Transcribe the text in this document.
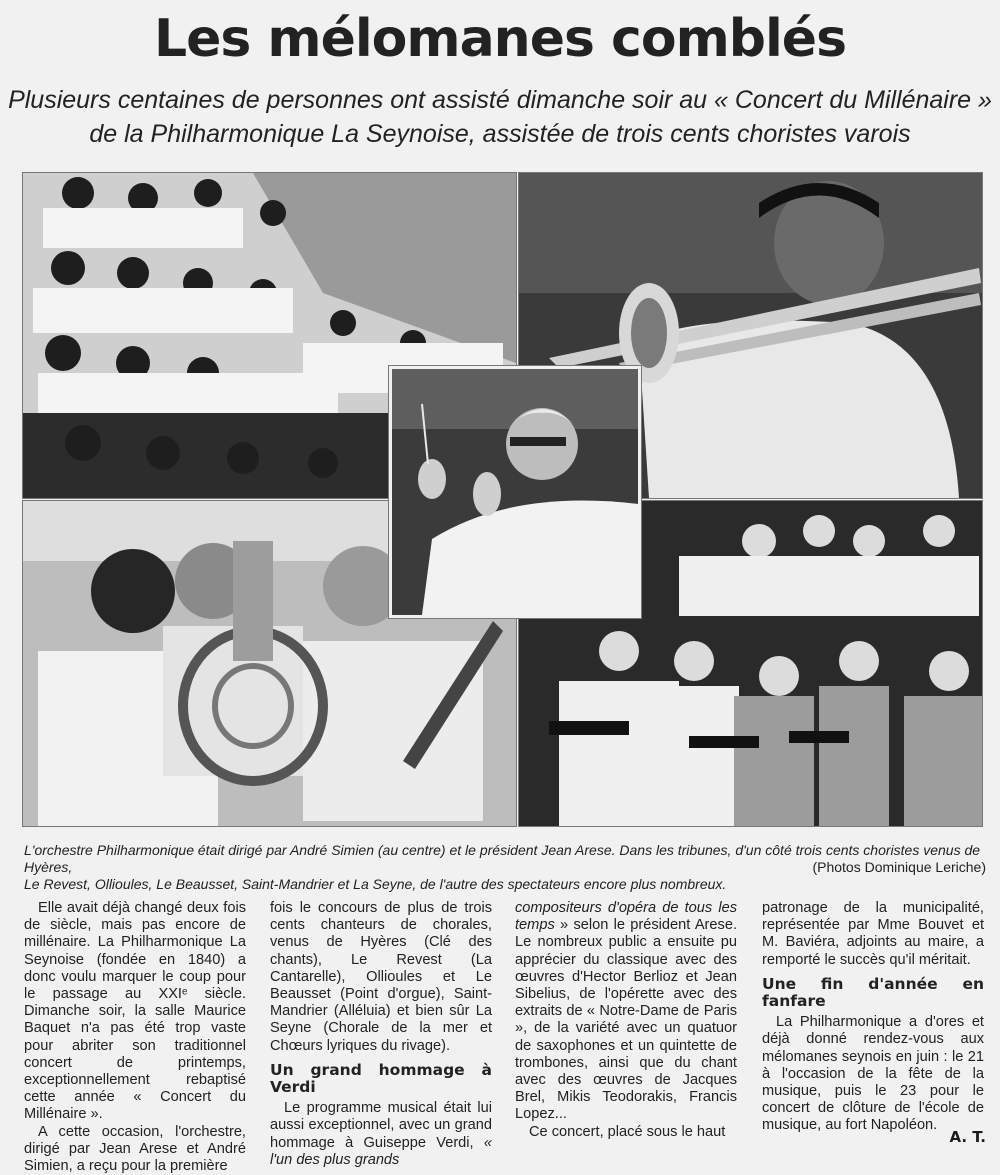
Les mélomanes comblés
Plusieurs centaines de personnes ont assisté dimanche soir au « Concert du Millénaire »
de la Philharmonique La Seynoise, assistée de trois cents choristes varois
L'orchestre Philharmonique était dirigé par André Simien (au centre) et le président Jean Arese. Dans les tribunes, d'un côté trois cents choristes venus de Hyères,
Le Revest, Ollioules, Le Beausset, Saint-Mandrier et La Seyne, de l'autre des spectateurs encore plus nombreux.
(Photos Dominique Leriche)

Elle avait déjà changé deux fois de siècle, mais pas encore de millénaire. La Philharmonique La Seynoise (fondée en 1840) a donc voulu marquer le coup pour le passage au XXIᵉ siècle. Dimanche soir, la salle Maurice Baquet n'a pas été trop vaste pour abriter son traditionnel concert de printemps, exceptionnellement rebaptisé cette année « Concert du Millénaire ».

A cette occasion, l'orchestre, dirigé par Jean Arese et André Simien, a reçu pour la première

fois le concours de plus de trois cents chanteurs de chorales, venus de Hyères (Clé des chants), Le Revest (La Cantarelle), Ollioules et Le Beausset (Point d'orgue), Saint-Mandrier (Alléluia) et bien sûr La Seyne (Chorale de la mer et Chœurs lyriques du rivage).

Un grand hommage à Verdi

Le programme musical était lui aussi exceptionnel, avec un grand hommage à Guiseppe Verdi, « l'un des plus grands

compositeurs d'opéra de tous les temps » selon le président Arese. Le nombreux public a ensuite pu apprécier du classique avec des œuvres d'Hector Berlioz et Jean Sibelius, de l'opérette avec des extraits de « Notre-Dame de Paris », de la variété avec un quatuor de saxophones et un quintette de trombones, ainsi que du chant avec des œuvres de Jacques Brel, Mikis Teodorakis, Francis Lopez...

Ce concert, placé sous le haut

patronage de la municipalité, représentée par Mme Bouvet et M. Baviéra, adjoints au maire, a remporté le succès qu'il méritait.

Une fin d'année en fanfare

La Philharmonique a d'ores et déjà donné rendez-vous aux mélomanes seynois en juin : le 21 à l'occasion de la fête de la musique, puis le 23 pour le concert de clôture de l'école de musique, au fort Napoléon.

A. T.
